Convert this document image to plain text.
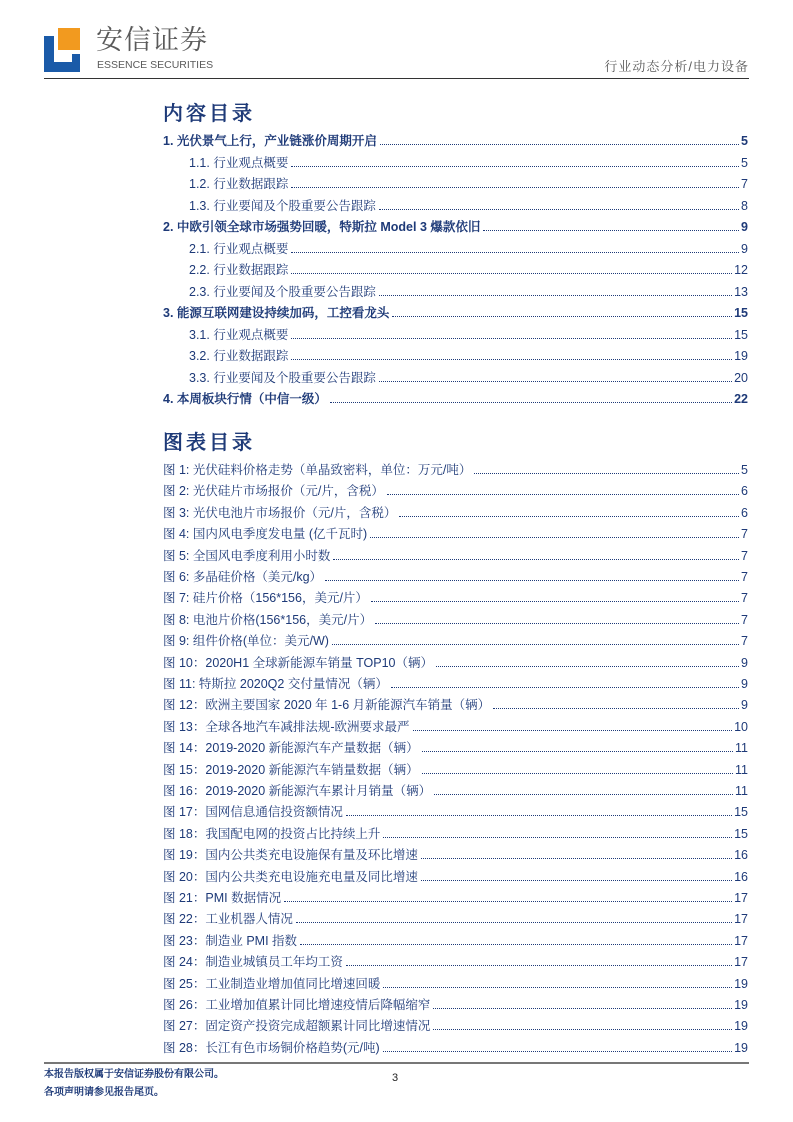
安信证券
ESSENCE SECURITIES	行业动态分析/电力设备
内容目录
1. 光伏景气上行，产业链涨价周期开启	5
1.1. 行业观点概要	5
1.2. 行业数据跟踪	7
1.3. 行业要闻及个股重要公告跟踪	8
2. 中欧引领全球市场强势回暖，特斯拉 Model 3 爆款依旧	9
2.1. 行业观点概要	9
2.2. 行业数据跟踪	12
2.3. 行业要闻及个股重要公告跟踪	13
3. 能源互联网建设持续加码，工控看龙头	15
3.1. 行业观点概要	15
3.2. 行业数据跟踪	19
3.3. 行业要闻及个股重要公告跟踪	20
4. 本周板块行情（中信一级）	22
图表目录
图 1: 光伏硅料价格走势（单晶致密料，单位：万元/吨）	5
图 2: 光伏硅片市场报价（元/片，含税）	6
图 3: 光伏电池片市场报价（元/片，含税）	6
图 4: 国内风电季度发电量 (亿千瓦时)	7
图 5: 全国风电季度利用小时数	7
图 6: 多晶硅价格（美元/kg）	7
图 7: 硅片价格（156*156，美元/片）	7
图 8: 电池片价格(156*156，美元/片）	7
图 9: 组件价格(单位：美元/W)	7
图 10：2020H1 全球新能源车销量 TOP10（辆）	9
图 11: 特斯拉 2020Q2 交付量情况（辆）	9
图 12：欧洲主要国家 2020 年 1-6 月新能源汽车销量（辆）	9
图 13：全球各地汽车减排法规-欧洲要求最严	10
图 14：2019-2020 新能源汽车产量数据（辆）	11
图 15：2019-2020 新能源汽车销量数据（辆）	11
图 16：2019-2020 新能源汽车累计月销量（辆）	11
图 17：国网信息通信投资额情况	15
图 18：我国配电网的投资占比持续上升	15
图 19：国内公共类充电设施保有量及环比增速	16
图 20：国内公共类充电设施充电量及同比增速	16
图 21：PMI 数据情况	17
图 22：工业机器人情况	17
图 23：制造业 PMI 指数	17
图 24：制造业城镇员工年均工资	17
图 25：工业制造业增加值同比增速回暖	19
图 26：工业增加值累计同比增速疫情后降幅缩窄	19
图 27：固定资产投资完成超额累计同比增速情况	19
图 28：长江有色市场铜价格趋势(元/吨)	19
本报告版权属于安信证券股份有限公司。
各项声明请参见报告尾页。
3
